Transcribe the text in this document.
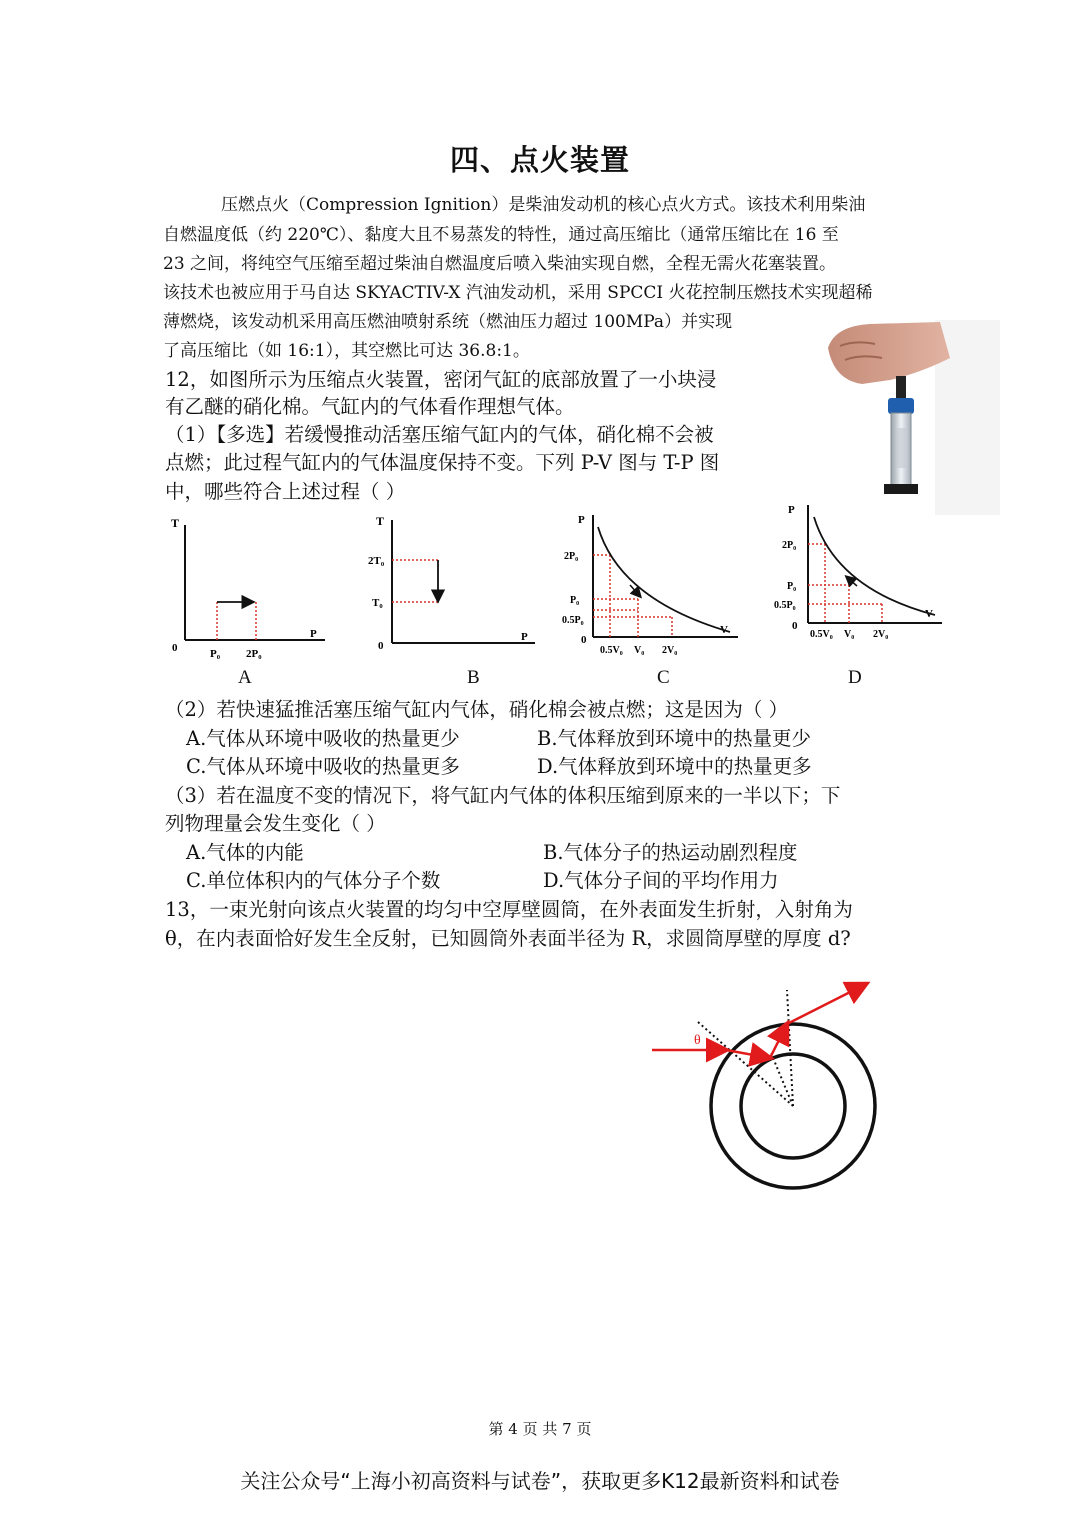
四、点火装置
压燃点火（Compression Ignition）是柴油发动机的核心点火方式。该技术利用柴油
自燃温度低（约 220℃）、黏度大且不易蒸发的特性，通过高压缩比（通常压缩比在 16 至
23 之间，将纯空气压缩至超过柴油自燃温度后喷入柴油实现自燃，全程无需火花塞装置。
该技术也被应用于马自达 SKYACTIV-X 汽油发动机，采用 SPCCI 火花控制压燃技术实现超稀
薄燃烧，该发动机采用高压燃油喷射系统（燃油压力超过 100MPa）并实现
了高压缩比（如 16:1），其空燃比可达 36.8:1。
12，如图所示为压缩点火装置，密闭气缸的底部放置了一小块浸
有乙醚的硝化棉。气缸内的气体看作理想气体。
（1）【多选】若缓慢推动活塞压缩气缸内的气体，硝化棉不会被
点燃；此过程气缸内的气体温度保持不变。下列 P-V 图与 T-P 图
中，哪些符合上述过程（ ）
T
P
0	P₀ 2P₀
T
P
0
2T₀
T₀
P
V
0
2P₀
P₀
0.5P₀
0.5V₀ V₀ 2V₀
P
V
0
2P₀
P₀
0.5P₀
0.5V₀ V₀ 2V₀
A	B	C	D
（2）若快速猛推活塞压缩气缸内气体，硝化棉会被点燃；这是因为（ ）
A.气体从环境中吸收的热量更少	B.气体释放到环境中的热量更少
C.气体从环境中吸收的热量更多	D.气体释放到环境中的热量更多
（3）若在温度不变的情况下，将气缸内气体的体积压缩到原来的一半以下；下
列物理量会发生变化（ ）
A.气体的内能	B.气体分子的热运动剧烈程度
C.单位体积内的气体分子个数	D.气体分子间的平均作用力
13，一束光射向该点火装置的均匀中空厚壁圆筒，在外表面发生折射，入射角为
θ，在内表面恰好发生全反射，已知圆筒外表面半径为 R，求圆筒厚壁的厚度 d?
θ
第 4 页 共 7 页
关注公众号“上海小初高资料与试卷”，获取更多K12最新资料和试卷
